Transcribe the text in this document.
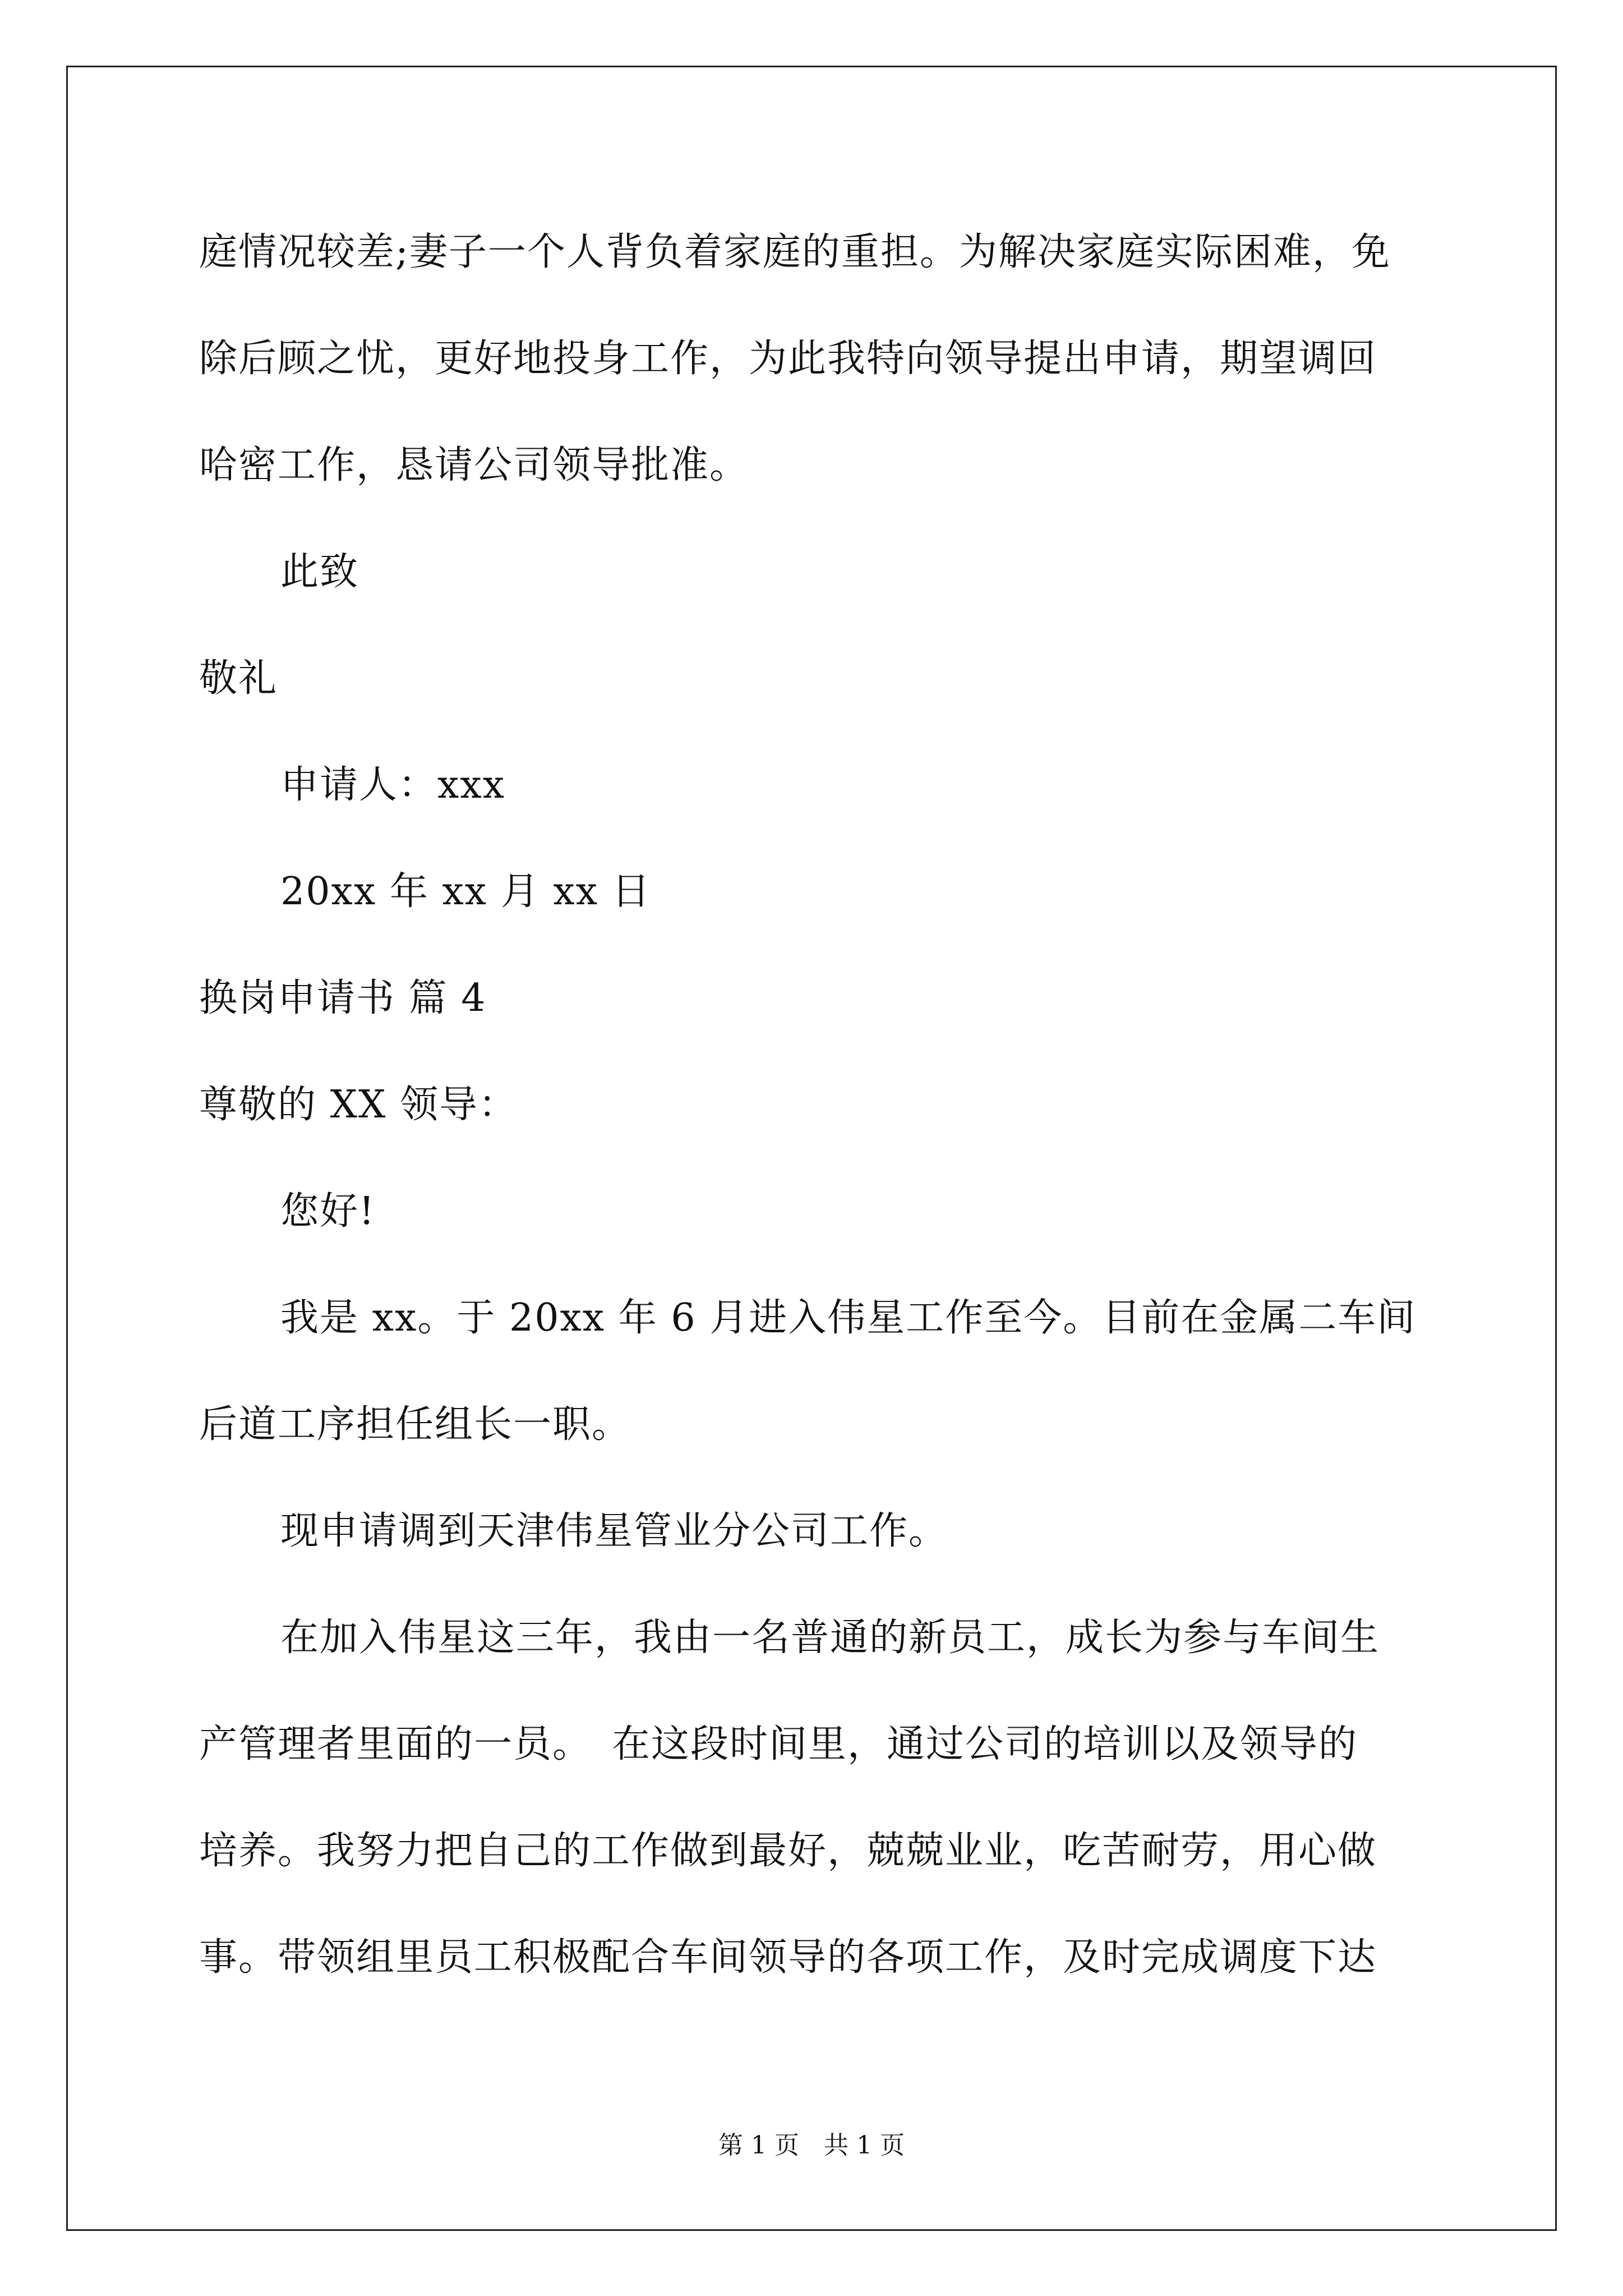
庭情况较差;妻子一个人背负着家庭的重担。为解决家庭实际困难，免
除后顾之忧，更好地投身工作，为此我特向领导提出申请，期望调回
哈密工作，恳请公司领导批准。
此致
敬礼
申请人：xxx
20xx 年 xx 月 xx 日
换岗申请书 篇 4
尊敬的 XX 领导：
您好!
我是 xx。于 20xx 年 6 月进入伟星工作至今。目前在金属二车间
后道工序担任组长一职。
现申请调到天津伟星管业分公司工作。
在加入伟星这三年，我由一名普通的新员工，成长为参与车间生
产管理者里面的一员。　在这段时间里，通过公司的培训以及领导的
培养。我努力把自己的工作做到最好，兢兢业业，吃苦耐劳，用心做
事。带领组里员工积极配合车间领导的各项工作，及时完成调度下达
第 1 页　共 1 页
